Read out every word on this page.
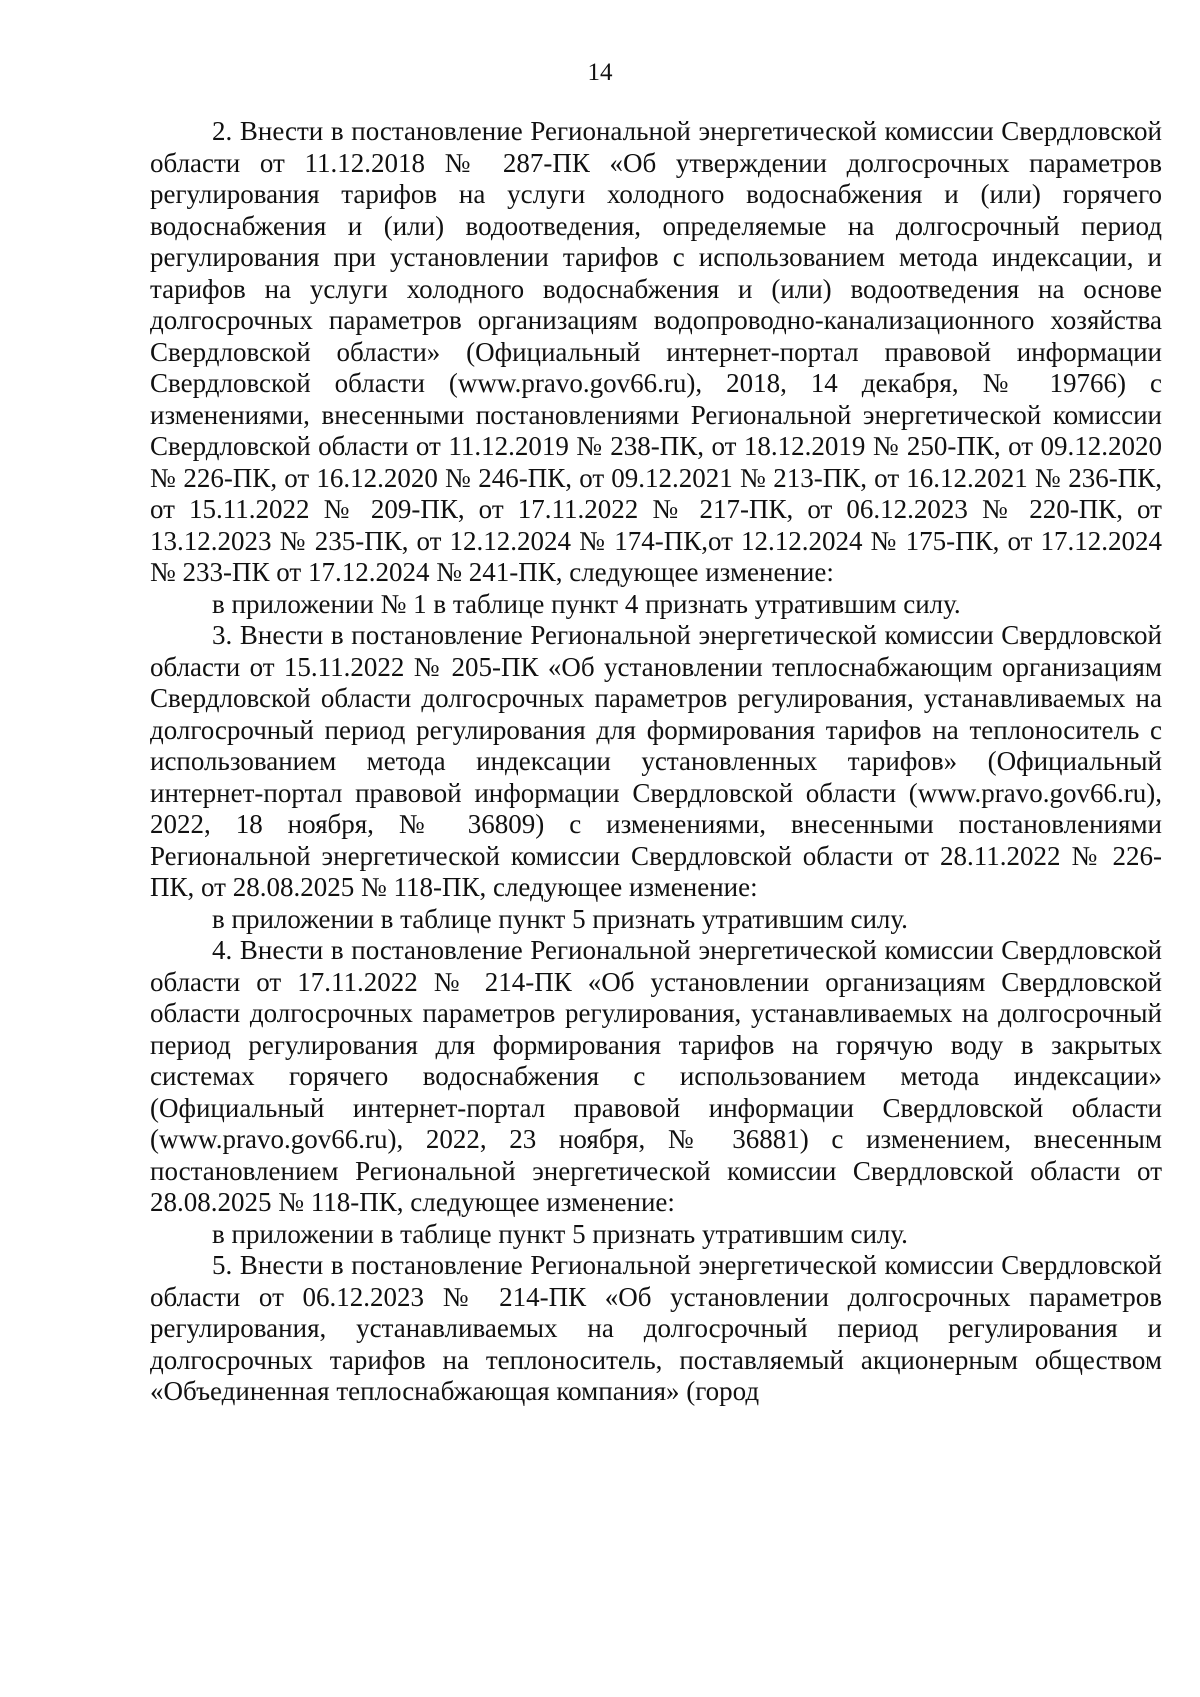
14

2. Внести в постановление Региональной энергетической комиссии Свердловской области от 11.12.2018 № 287-ПК «Об утверждении долгосрочных параметров регулирования тарифов на услуги холодного водоснабжения и (или) горячего водоснабжения и (или) водоотведения, определяемые на долгосрочный период регулирования при установлении тарифов с использованием метода индексации, и тарифов на услуги холодного водоснабжения и (или) водоотведения на основе долгосрочных параметров организациям водопроводно-канализационного хозяйства Свердловской области» (Официальный интернет-портал правовой информации Свердловской области (www.pravo.gov66.ru), 2018, 14 декабря, № 19766) с изменениями, внесенными постановлениями Региональной энергетической комиссии Свердловской области от 11.12.2019 № 238-ПК, от 18.12.2019 № 250-ПК, от 09.12.2020 № 226-ПК, от 16.12.2020 № 246-ПК, от 09.12.2021 № 213-ПК, от 16.12.2021 № 236-ПК, от 15.11.2022 № 209-ПК, от 17.11.2022 № 217-ПК, от 06.12.2023 № 220-ПК, от 13.12.2023 № 235-ПК, от 12.12.2024 № 174-ПК,от 12.12.2024 № 175-ПК, от 17.12.2024 № 233-ПК от 17.12.2024 № 241-ПК, следующее изменение:

в приложении № 1 в таблице пункт 4 признать утратившим силу.

3. Внести в постановление Региональной энергетической комиссии Свердловской области от 15.11.2022 № 205-ПК «Об установлении теплоснабжающим организациям Свердловской области долгосрочных параметров регулирования, устанавливаемых на долгосрочный период регулирования для формирования тарифов на теплоноситель с использованием метода индексации установленных тарифов» (Официальный интернет-портал правовой информации Свердловской области (www.pravo.gov66.ru), 2022, 18 ноября, № 36809) с изменениями, внесенными постановлениями Региональной энергетической комиссии Свердловской области от 28.11.2022 № 226-ПК, от 28.08.2025 № 118-ПК, следующее изменение:

в приложении в таблице пункт 5 признать утратившим силу.

4. Внести в постановление Региональной энергетической комиссии Свердловской области от 17.11.2022 № 214-ПК «Об установлении организациям Свердловской области долгосрочных параметров регулирования, устанавливаемых на долгосрочный период регулирования для формирования тарифов на горячую воду в закрытых системах горячего водоснабжения с использованием метода индексации» (Официальный интернет-портал правовой информации Свердловской области (www.pravo.gov66.ru), 2022, 23 ноября, № 36881) с изменением, внесенным постановлением Региональной энергетической комиссии Свердловской области от 28.08.2025 № 118-ПК, следующее изменение:

в приложении в таблице пункт 5 признать утратившим силу.

5. Внести в постановление Региональной энергетической комиссии Свердловской области от 06.12.2023 № 214-ПК «Об установлении долгосрочных параметров регулирования, устанавливаемых на долгосрочный период регулирования и долгосрочных тарифов на теплоноситель, поставляемый акционерным обществом «Объединенная теплоснабжающая компания» (город
